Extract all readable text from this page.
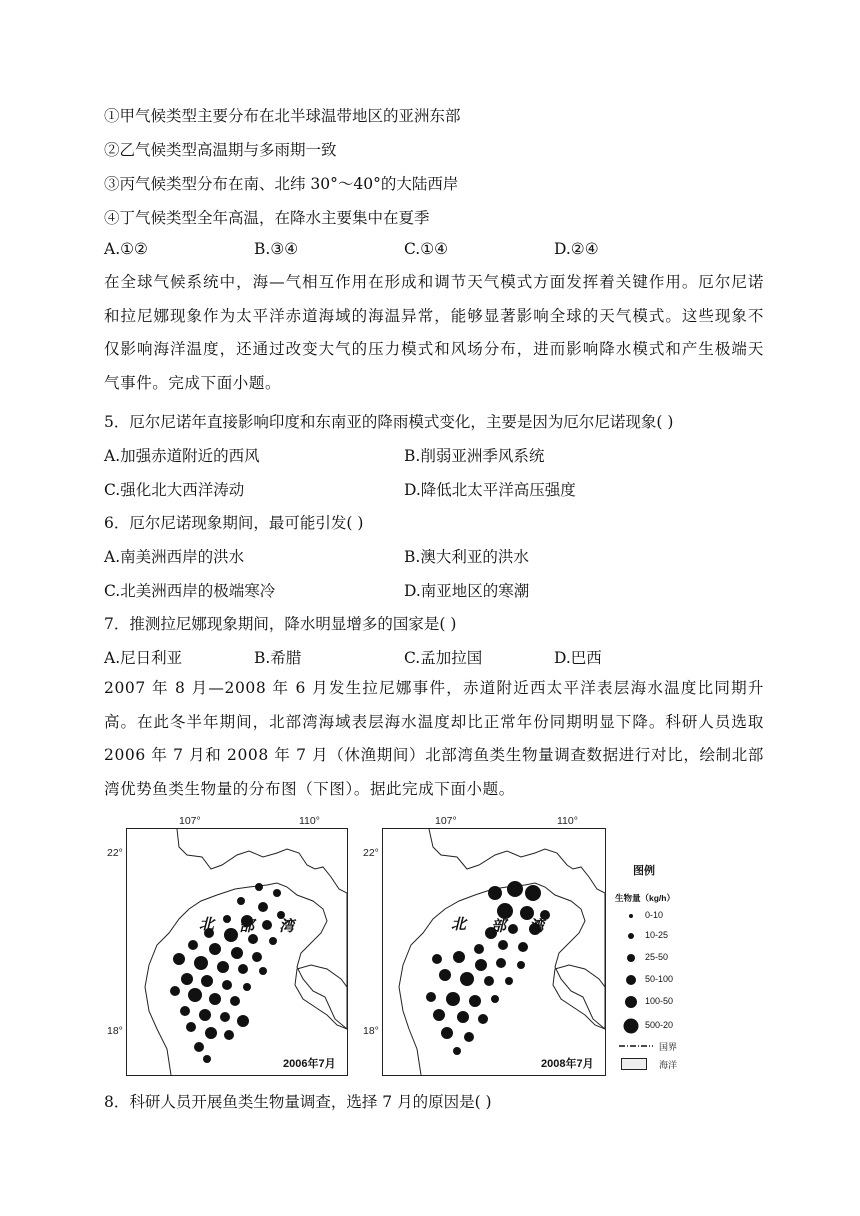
①甲气候类型主要分布在北半球温带地区的亚洲东部
②乙气候类型高温期与多雨期一致
③丙气候类型分布在南、北纬 30°～40°的大陆西岸
④丁气候类型全年高温，在降水主要集中在夏季
A.①②	B.③④	C.①④	D.②④
在全球气候系统中，海—气相互作用在形成和调节天气模式方面发挥着关键作用。厄尔尼诺和拉尼娜现象作为太平洋赤道海域的海温异常，能够显著影响全球的天气模式。这些现象不仅影响海洋温度，还通过改变大气的压力模式和风场分布，进而影响降水模式和产生极端天气事件。完成下面小题。
5．厄尔尼诺年直接影响印度和东南亚的降雨模式变化，主要是因为厄尔尼诺现象( )
A.加强赤道附近的西风	B.削弱亚洲季风系统
C.强化北大西洋涛动	D.降低北太平洋高压强度
6．厄尔尼诺现象期间，最可能引发( )
A.南美洲西岸的洪水	B.澳大利亚的洪水
C.北美洲西岸的极端寒冷	D.南亚地区的寒潮
7．推测拉尼娜现象期间，降水明显增多的国家是( )
A.尼日利亚	B.希腊	C.孟加拉国	D.巴西
2007 年 8 月—2008 年 6 月发生拉尼娜事件，赤道附近西太平洋表层海水温度比同期升高。在此冬半年期间，北部湾海域表层海水温度却比正常年份同期明显下降。科研人员选取 2006 年 7 月和 2008 年 7 月（休渔期间）北部湾鱼类生物量调查数据进行对比，绘制北部湾优势鱼类生物量的分布图（下图）。据此完成下面小题。
107°	110°
22°
18°
北 部 湾
2006年7月
107°	110°
22°
18°
北 部 湾
2008年7月
图例
生物量（kg/h）
0-10
10-25
25-50
50-100
100-50
500-20
国界
海洋
8．科研人员开展鱼类生物量调查，选择 7 月的原因是( )
